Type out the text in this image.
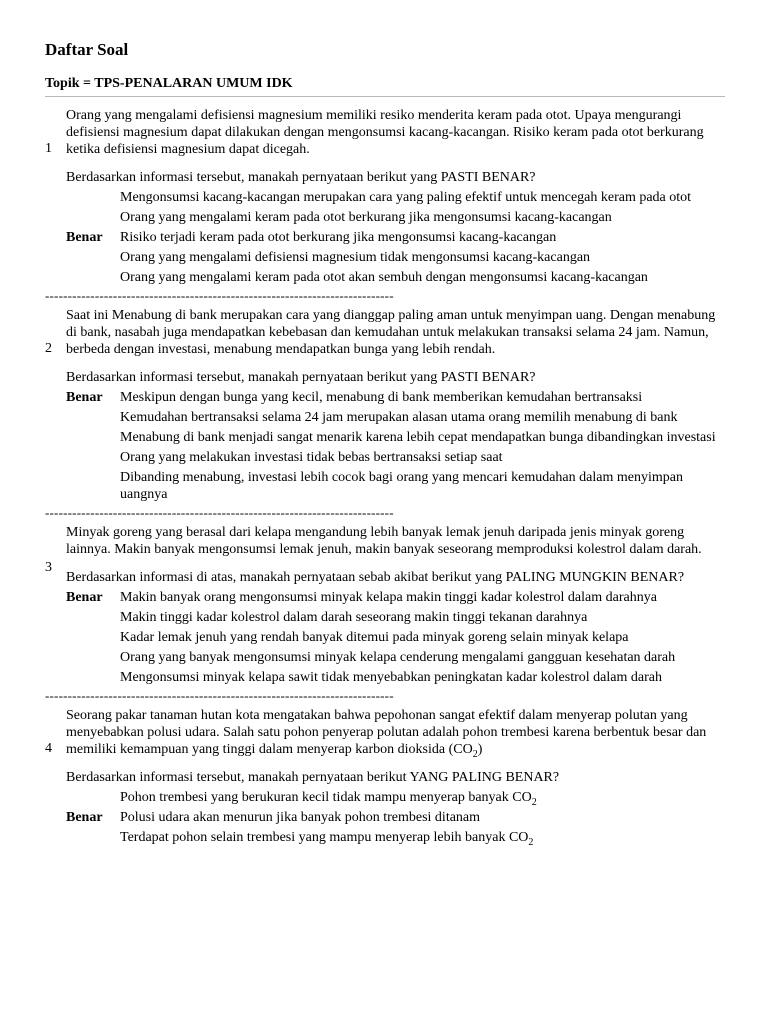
Daftar Soal
Topik = TPS-PENALARAN UMUM IDK
1
Orang yang mengalami defisiensi magnesium memiliki resiko menderita keram pada otot. Upaya mengurangi defisiensi magnesium dapat dilakukan dengan mengonsumsi kacang-kacangan. Risiko keram pada otot berkurang ketika defisiensi magnesium dapat dicegah.
Berdasarkan informasi tersebut, manakah pernyataan berikut yang PASTI BENAR?
Mengonsumsi kacang-kacangan merupakan cara yang paling efektif untuk mencegah keram pada otot
Orang yang mengalami keram pada otot berkurang jika mengonsumsi kacang-kacangan
Benar Risiko terjadi keram pada otot berkurang jika mengonsumsi kacang-kacangan
Orang yang mengalami defisiensi magnesium tidak mengonsumsi kacang-kacangan
Orang yang mengalami keram pada otot akan sembuh dengan mengonsumsi kacang-kacangan
-----------------------------------------------------------------------------
2
Saat ini Menabung di bank merupakan cara yang dianggap paling aman untuk menyimpan uang. Dengan menabung di bank, nasabah juga mendapatkan kebebasan dan kemudahan untuk melakukan transaksi selama 24 jam. Namun, berbeda dengan investasi, menabung mendapatkan bunga yang lebih rendah.
Berdasarkan informasi tersebut, manakah pernyataan berikut yang PASTI BENAR?
Benar Meskipun dengan bunga yang kecil, menabung di bank memberikan kemudahan bertransaksi
Kemudahan bertransaksi selama 24 jam merupakan alasan utama orang memilih menabung di bank
Menabung di bank menjadi sangat menarik karena lebih cepat mendapatkan bunga dibandingkan investasi
Orang yang melakukan investasi tidak bebas bertransaksi setiap saat
Dibanding menabung, investasi lebih cocok bagi orang yang mencari kemudahan dalam menyimpan uangnya
-----------------------------------------------------------------------------
3
Minyak goreng yang berasal dari kelapa mengandung lebih banyak lemak jenuh daripada jenis minyak goreng lainnya. Makin banyak mengonsumsi lemak jenuh, makin banyak seseorang memproduksi kolestrol dalam darah.
Berdasarkan informasi di atas, manakah pernyataan sebab akibat berikut yang PALING MUNGKIN BENAR?
Benar Makin banyak orang mengonsumsi minyak kelapa makin tinggi kadar kolestrol dalam darahnya
Makin tinggi kadar kolestrol dalam darah seseorang makin tinggi tekanan darahnya
Kadar lemak jenuh yang rendah banyak ditemui pada minyak goreng selain minyak kelapa
Orang yang banyak mengonsumsi minyak kelapa cenderung mengalami gangguan kesehatan darah
Mengonsumsi minyak kelapa sawit tidak menyebabkan peningkatan kadar kolestrol dalam darah
-----------------------------------------------------------------------------
4
Seorang pakar tanaman hutan kota mengatakan bahwa pepohonan sangat efektif dalam menyerap polutan yang menyebabkan polusi udara. Salah satu pohon penyerap polutan adalah pohon trembesi karena berbentuk besar dan memiliki kemampuan yang tinggi dalam menyerap karbon dioksida $(CO_2)$
Berdasarkan informasi tersebut, manakah pernyataan berikut YANG PALING BENAR?
Pohon trembesi yang berukuran kecil tidak mampu menyerap banyak $CO_2$
Benar Polusi udara akan menurun jika banyak pohon trembesi ditanam
Terdapat pohon selain trembesi yang mampu menyerap lebih banyak $CO_2$
